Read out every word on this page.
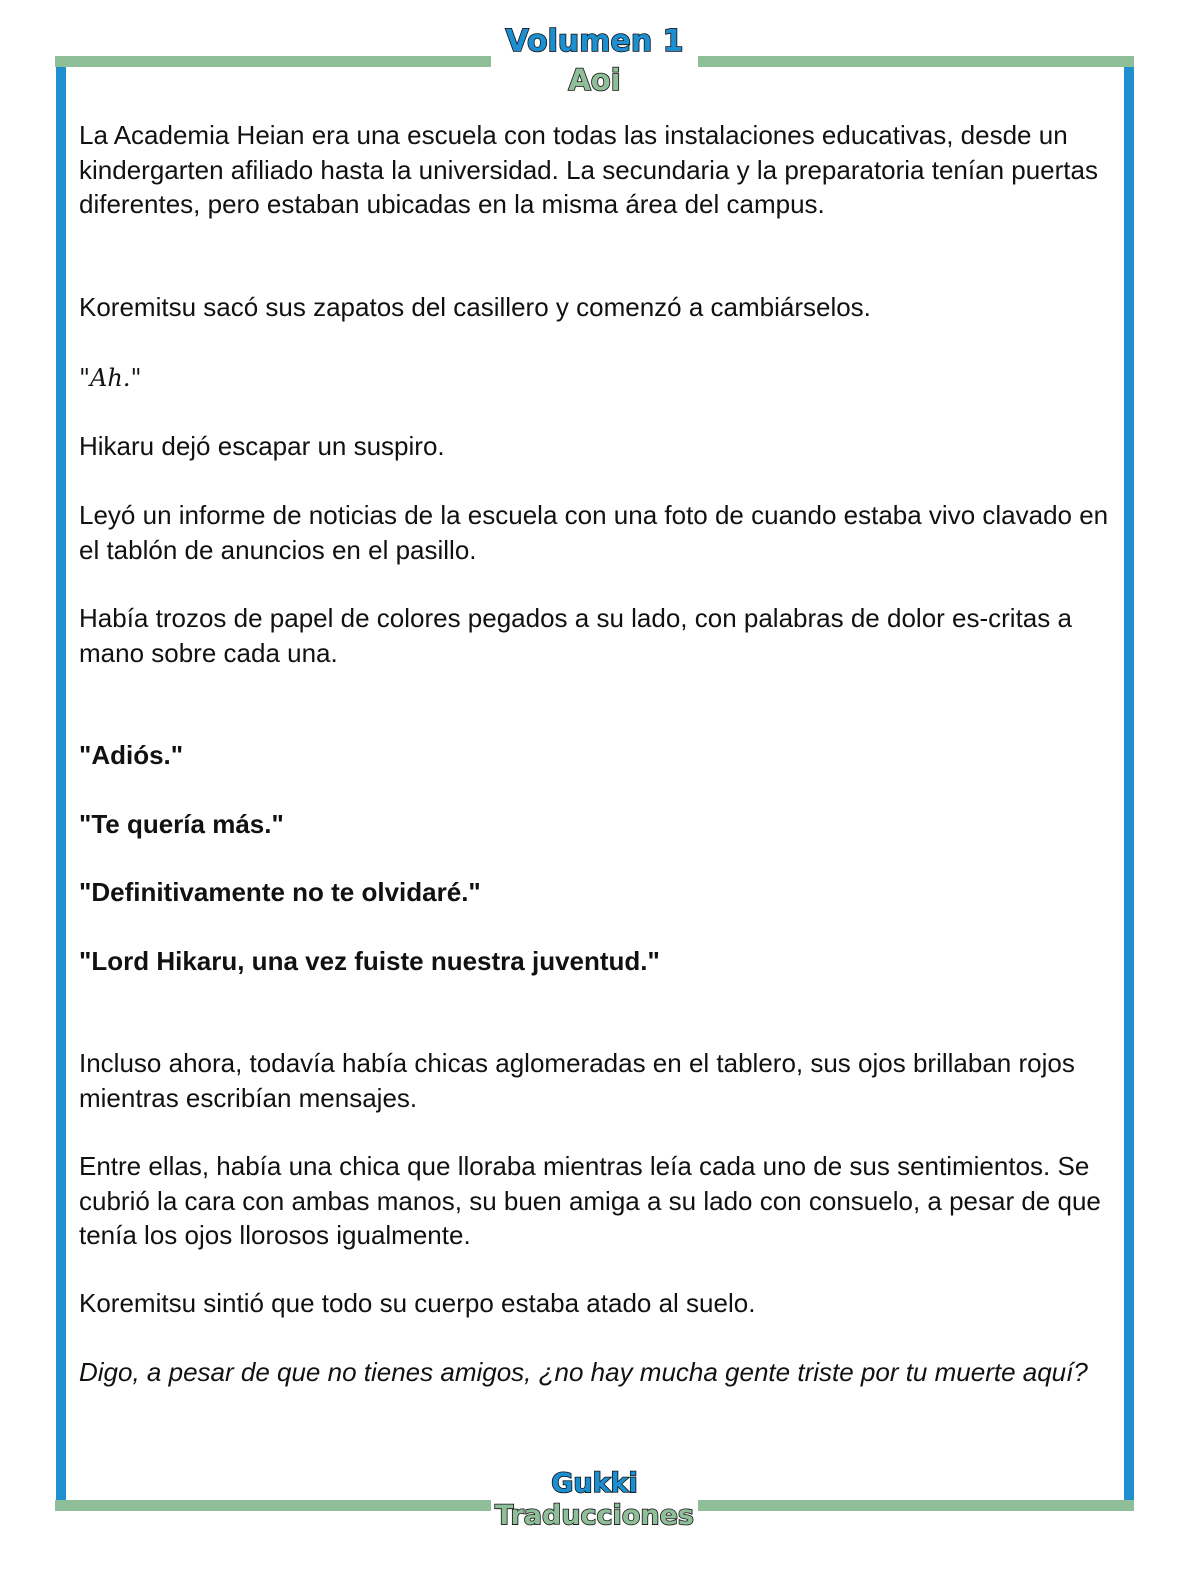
Volumen 1
Aoi

La Academia Heian era una escuela con todas las instalaciones educativas, desde un kindergarten afiliado hasta la universidad. La secundaria y la preparatoria tenían puertas diferentes, pero estaban ubicadas en la misma área del campus.

Koremitsu sacó sus zapatos del casillero y comenzó a cambiárselos.

"Ah."

Hikaru dejó escapar un suspiro.

Leyó un informe de noticias de la escuela con una foto de cuando estaba vivo clavado en el tablón de anuncios en el pasillo.

Había trozos de papel de colores pegados a su lado, con palabras de dolor es-critas a mano sobre cada una.

"Adiós."

"Te quería más."

"Definitivamente no te olvidaré."

"Lord Hikaru, una vez fuiste nuestra juventud."

Incluso ahora, todavía había chicas aglomeradas en el tablero, sus ojos brillaban rojos mientras escribían mensajes.

Entre ellas, había una chica que lloraba mientras leía cada uno de sus sentimientos. Se cubrió la cara con ambas manos, su buen amiga a su lado con consuelo, a pesar de que tenía los ojos llorosos igualmente.

Koremitsu sintió que todo su cuerpo estaba atado al suelo.

Digo, a pesar de que no tienes amigos, ¿no hay mucha gente triste por tu muerte aquí?

Gukki
Traducciones
